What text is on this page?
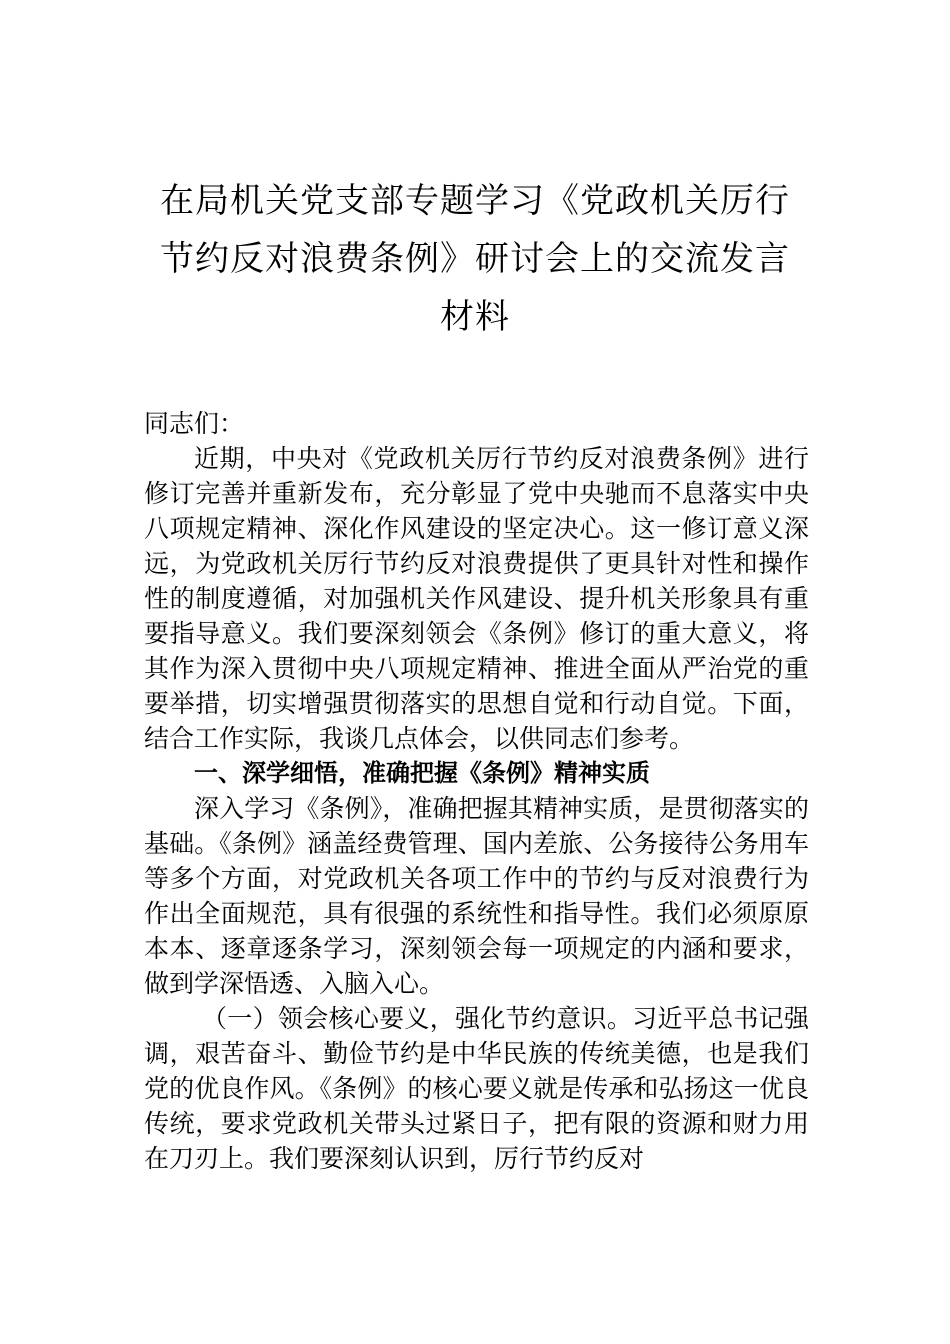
在局机关党支部专题学习《党政机关厉行
节约反对浪费条例》研讨会上的交流发言
材料

同志们：

近期，中央对《党政机关厉行节约反对浪费条例》进行修订完善并重新发布，充分彰显了党中央驰而不息落实中央八项规定精神、深化作风建设的坚定决心。这一修订意义深远，为党政机关厉行节约反对浪费提供了更具针对性和操作性的制度遵循，对加强机关作风建设、提升机关形象具有重要指导意义。我们要深刻领会《条例》修订的重大意义，将其作为深入贯彻中央八项规定精神、推进全面从严治党的重要举措，切实增强贯彻落实的思想自觉和行动自觉。下面，结合工作实际，我谈几点体会，以供同志们参考。

一、深学细悟，准确把握《条例》精神实质

深入学习《条例》，准确把握其精神实质，是贯彻落实的基础。《条例》涵盖经费管理、国内差旅、公务接待公务用车等多个方面，对党政机关各项工作中的节约与反对浪费行为作出全面规范，具有很强的系统性和指导性。我们必须原原本本、逐章逐条学习，深刻领会每一项规定的内涵和要求，做到学深悟透、入脑入心。

（一）领会核心要义，强化节约意识。习近平总书记强调，艰苦奋斗、勤俭节约是中华民族的传统美德，也是我们党的优良作风。《条例》的核心要义就是传承和弘扬这一优良传统，要求党政机关带头过紧日子，把有限的资源和财力用在刀刃上。我们要深刻认识到，厉行节约反对
